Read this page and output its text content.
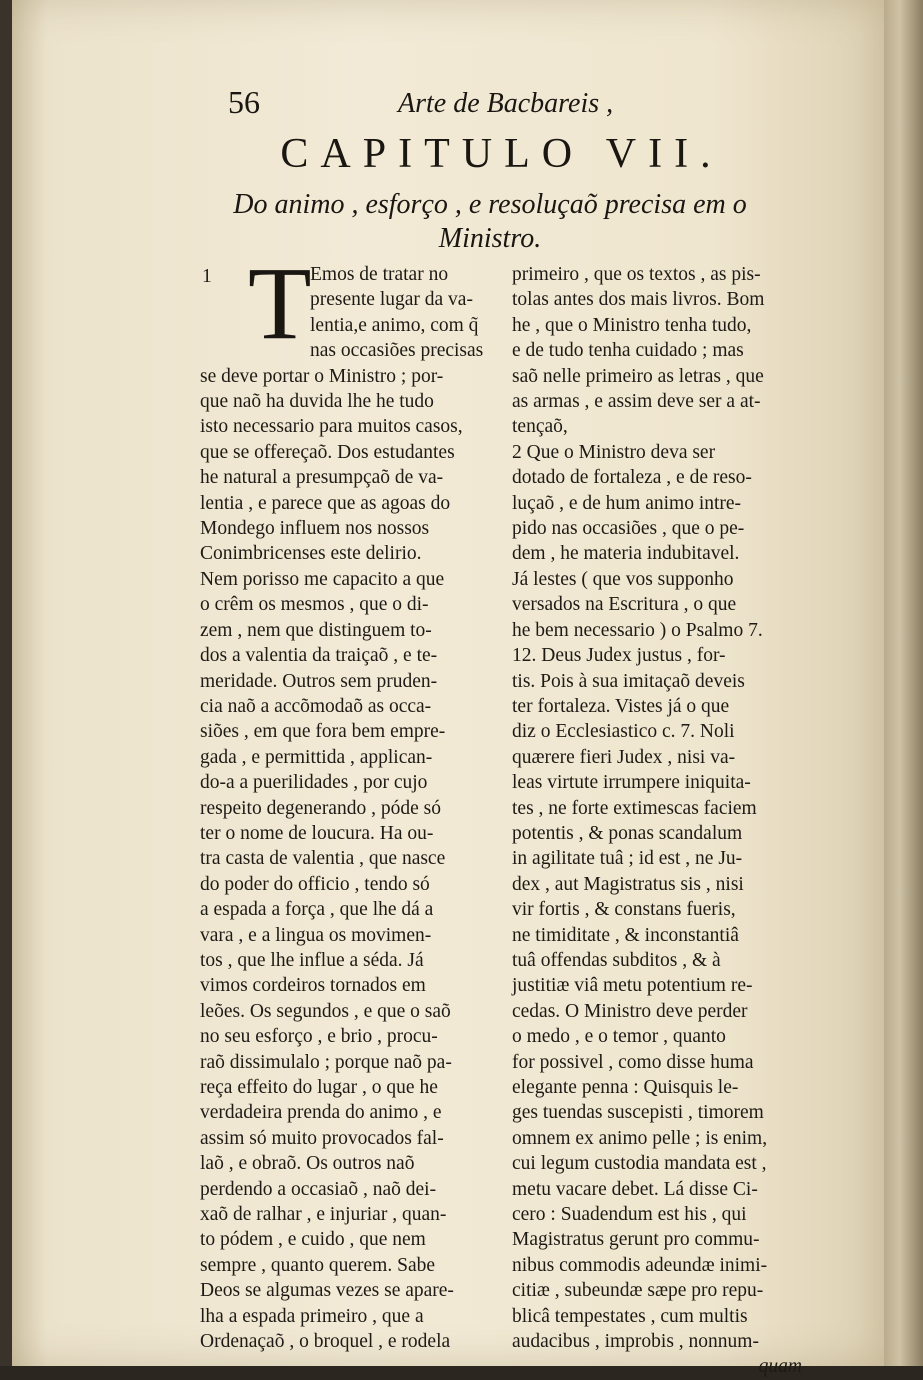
56	Arte de Bacbareis ,
CAPITULO VII.
Do animo , esforço , e resoluçaõ precisa em o
Ministro.
1 T
Emos de tratar no
presente lugar da va-
lentia,e animo, com q̃
nas occasiões precisas
se deve portar o Ministro ; por-
que naõ ha duvida lhe he tudo
isto necessario para muitos casos,
que se offereçaõ. Dos estudantes
he natural a presumpçaõ de va-
lentia , e parece que as agoas do
Mondego influem nos nossos
Conimbricenses este delirio.
Nem porisso me capacito a que
o crêm os mesmos , que o di-
zem , nem que distinguem to-
dos a valentia da traiçaõ , e te-
meridade. Outros sem pruden-
cia naõ a accõmodaõ as occa-
siões , em que fora bem empre-
gada , e permittida , applican-
do-a a puerilidades , por cujo
respeito degenerando , póde só
ter o nome de loucura. Ha ou-
tra casta de valentia , que nasce
do poder do officio , tendo só
a espada a força , que lhe dá a
vara , e a lingua os movimen-
tos , que lhe influe a séda. Já
vimos cordeiros tornados em
leões. Os segundos , e que o saõ
no seu esforço , e brio , procu-
raõ dissimulalo ; porque naõ pa-
reça effeito do lugar , o que he
verdadeira prenda do animo , e
assim só muito provocados fal-
laõ , e obraõ. Os outros naõ
perdendo a occasiaõ , naõ dei-
xaõ de ralhar , e injuriar , quan-
to pódem , e cuido , que nem
sempre , quanto querem. Sabe
Deos se algumas vezes se apare-
lha a espada primeiro , que a
Ordenaçaõ , o broquel , e rodela
primeiro , que os textos , as pis-
tolas antes dos mais livros. Bom
he , que o Ministro tenha tudo,
e de tudo tenha cuidado ; mas
saõ nelle primeiro as letras , que
as armas , e assim deve ser a at-
tençaõ,
2 Que o Ministro deva ser
dotado de fortaleza , e de reso-
luçaõ , e de hum animo intre-
pido nas occasiões , que o pe-
dem , he materia indubitavel.
Já lestes ( que vos supponho
versados na Escritura , o que
he bem necessario ) o Psalmo 7.
12. Deus Judex justus , for-
tis. Pois à sua imitaçaõ deveis
ter fortaleza. Vistes já o que
diz o Ecclesiastico c. 7. Noli
quærere fieri Judex , nisi va-
leas virtute irrumpere iniquita-
tes , ne forte extimescas faciem
potentis , & ponas scandalum
in agilitate tuâ ; id est , ne Ju-
dex , aut Magistratus sis , nisi
vir fortis , & constans fueris,
ne timiditate , & inconstantiâ
tuâ offendas subditos , & à
justitiæ viâ metu potentium re-
cedas. O Ministro deve perder
o medo , e o temor , quanto
for possivel , como disse huma
elegante penna : Quisquis le-
ges tuendas suscepisti , timorem
omnem ex animo pelle ; is enim,
cui legum custodia mandata est ,
metu vacare debet. Lá disse Ci-
cero : Suadendum est his , qui
Magistratus gerunt pro commu-
nibus commodis adeundæ inimi-
citiæ , subeundæ sæpe pro repu-
blicâ tempestates , cum multis
audacibus , improbis , nonnum-
quam
